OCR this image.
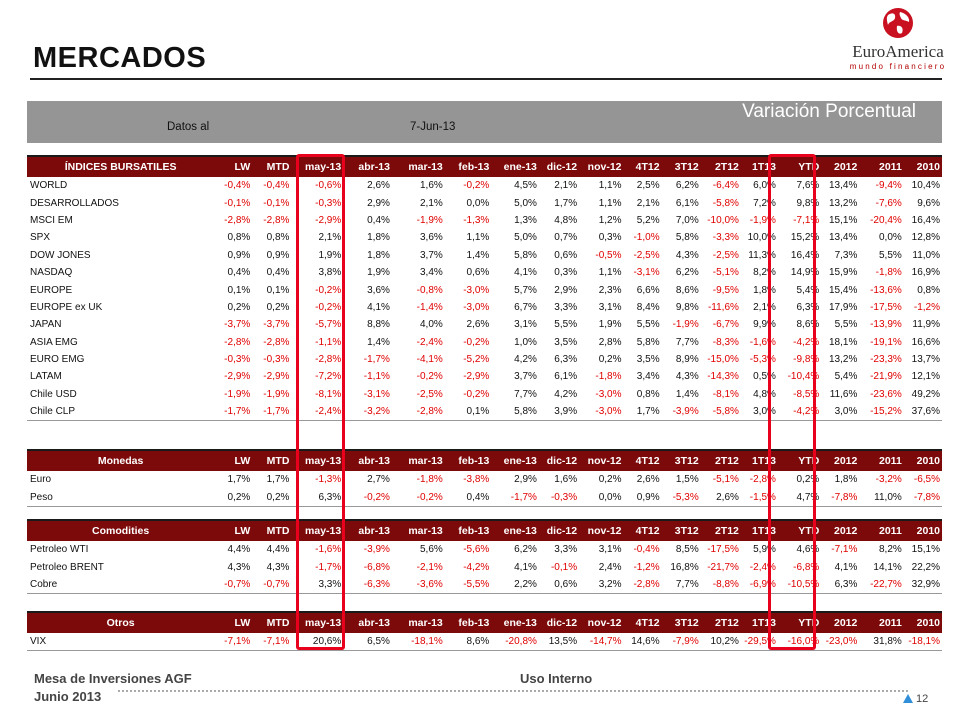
MERCADOS	EuroAmerica
mundo financiero
Variación Porcentual
Datos al	7-Jun-13
ÍNDICES BURSATILES	LW	MTD	may-13	abr-13	mar-13	feb-13	ene-13	dic-12	nov-12	4T12	3T12	2T12	1T13	YTD	2012	2011	2010
WORLD	-0,4%	-0,4%	-0,6%	2,6%	1,6%	-0,2%	4,5%	2,1%	1,1%	2,5%	6,2%	-6,4%	6,0%	7,6%	13,4%	-9,4%	10,4%
DESARROLLADOS	-0,1%	-0,1%	-0,3%	2,9%	2,1%	0,0%	5,0%	1,7%	1,1%	2,1%	6,1%	-5,8%	7,2%	9,8%	13,2%	-7,6%	9,6%
MSCI EM	-2,8%	-2,8%	-2,9%	0,4%	-1,9%	-1,3%	1,3%	4,8%	1,2%	5,2%	7,0%	-10,0%	-1,9%	-7,1%	15,1%	-20,4%	16,4%
SPX	0,8%	0,8%	2,1%	1,8%	3,6%	1,1%	5,0%	0,7%	0,3%	-1,0%	5,8%	-3,3%	10,0%	15,2%	13,4%	0,0%	12,8%
DOW JONES	0,9%	0,9%	1,9%	1,8%	3,7%	1,4%	5,8%	0,6%	-0,5%	-2,5%	4,3%	-2,5%	11,3%	16,4%	7,3%	5,5%	11,0%
NASDAQ	0,4%	0,4%	3,8%	1,9%	3,4%	0,6%	4,1%	0,3%	1,1%	-3,1%	6,2%	-5,1%	8,2%	14,9%	15,9%	-1,8%	16,9%
EUROPE	0,1%	0,1%	-0,2%	3,6%	-0,8%	-3,0%	5,7%	2,9%	2,3%	6,6%	8,6%	-9,5%	1,8%	5,4%	15,4%	-13,6%	0,8%
EUROPE ex UK	0,2%	0,2%	-0,2%	4,1%	-1,4%	-3,0%	6,7%	3,3%	3,1%	8,4%	9,8%	-11,6%	2,1%	6,3%	17,9%	-17,5%	-1,2%
JAPAN	-3,7%	-3,7%	-5,7%	8,8%	4,0%	2,6%	3,1%	5,5%	1,9%	5,5%	-1,9%	-6,7%	9,9%	8,6%	5,5%	-13,9%	11,9%
ASIA EMG	-2,8%	-2,8%	-1,1%	1,4%	-2,4%	-0,2%	1,0%	3,5%	2,8%	5,8%	7,7%	-8,3%	-1,6%	-4,2%	18,1%	-19,1%	16,6%
EURO EMG	-0,3%	-0,3%	-2,8%	-1,7%	-4,1%	-5,2%	4,2%	6,3%	0,2%	3,5%	8,9%	-15,0%	-5,3%	-9,8%	13,2%	-23,3%	13,7%
LATAM	-2,9%	-2,9%	-7,2%	-1,1%	-0,2%	-2,9%	3,7%	6,1%	-1,8%	3,4%	4,3%	-14,3%	0,5%	-10,4%	5,4%	-21,9%	12,1%
Chile USD	-1,9%	-1,9%	-8,1%	-3,1%	-2,5%	-0,2%	7,7%	4,2%	-3,0%	0,8%	1,4%	-8,1%	4,8%	-8,5%	11,6%	-23,6%	49,2%
Chile CLP	-1,7%	-1,7%	-2,4%	-3,2%	-2,8%	0,1%	5,8%	3,9%	-3,0%	1,7%	-3,9%	-5,8%	3,0%	-4,2%	3,0%	-15,2%	37,6%
Monedas	LW	MTD	may-13	abr-13	mar-13	feb-13	ene-13	dic-12	nov-12	4T12	3T12	2T12	1T13	YTD	2012	2011	2010
Euro	1,7%	1,7%	-1,3%	2,7%	-1,8%	-3,8%	2,9%	1,6%	0,2%	2,6%	1,5%	-5,1%	-2,8%	0,2%	1,8%	-3,2%	-6,5%
Peso	0,2%	0,2%	6,3%	-0,2%	-0,2%	0,4%	-1,7%	-0,3%	0,0%	0,9%	-5,3%	2,6%	-1,5%	4,7%	-7,8%	11,0%	-7,8%
Comodities	LW	MTD	may-13	abr-13	mar-13	feb-13	ene-13	dic-12	nov-12	4T12	3T12	2T12	1T13	YTD	2012	2011	2010
Petroleo WTI	4,4%	4,4%	-1,6%	-3,9%	5,6%	-5,6%	6,2%	3,3%	3,1%	-0,4%	8,5%	-17,5%	5,9%	4,6%	-7,1%	8,2%	15,1%
Petroleo BRENT	4,3%	4,3%	-1,7%	-6,8%	-2,1%	-4,2%	4,1%	-0,1%	2,4%	-1,2%	16,8%	-21,7%	-2,4%	-6,8%	4,1%	14,1%	22,2%
Cobre	-0,7%	-0,7%	3,3%	-6,3%	-3,6%	-5,5%	2,2%	0,6%	3,2%	-2,8%	7,7%	-8,8%	-6,9%	-10,5%	6,3%	-22,7%	32,9%
Otros	LW	MTD	may-13	abr-13	mar-13	feb-13	ene-13	dic-12	nov-12	4T12	3T12	2T12	1T13	YTD	2012	2011	2010
VIX	-7,1%	-7,1%	20,6%	6,5%	-18,1%	8,6%	-20,8%	13,5%	-14,7%	14,6%	-7,9%	10,2%	-29,5%	-16,0%	-23,0%	31,8%	-18,1%
Mesa de Inversiones AGF
Junio 2013
Uso Interno
12
